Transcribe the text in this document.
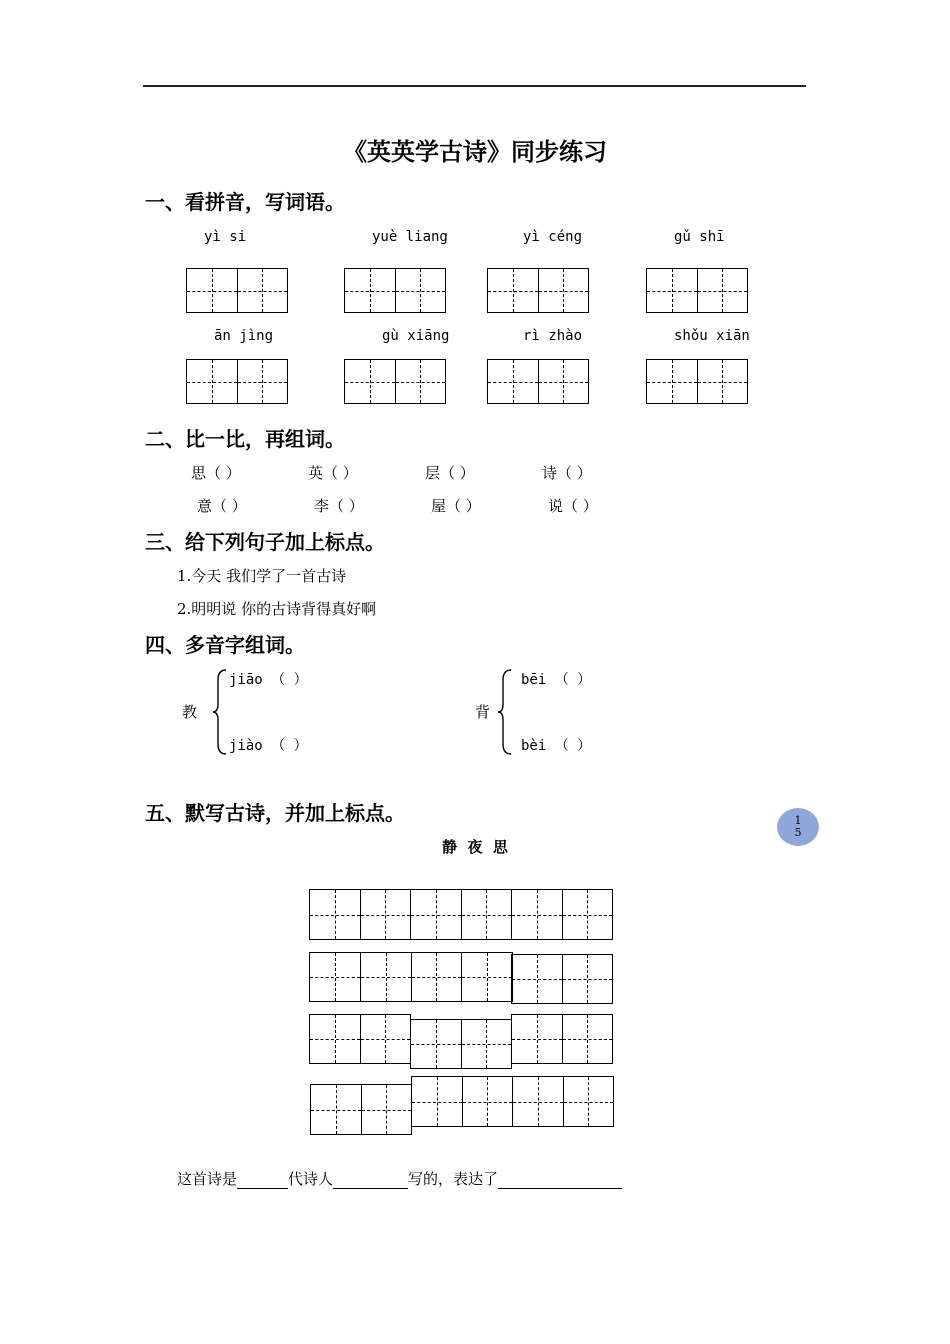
《英英学古诗》同步练习
一、看拼音，写词语。
yì si	yuè liang	yì céng	gǔ shī
ān jìng	gù xiāng	rì zhào	shǒu xiān
二、比一比，再组词。
思（ ）	英（ ）	层（ ）	诗（ ）
意（ ）	李（ ）	屋（ ）	说（ ）
三、给下列句子加上标点。
1.今天 我们学了一首古诗
2.明明说 你的古诗背得真好啊
四、多音字组词。
教
jiāo （ ）
jiào （ ）
背
bēi （ ）
bèi （ ）
五、默写古诗，并加上标点。	1
5
静  夜  思
这首诗是	代诗人	写的，表达了
